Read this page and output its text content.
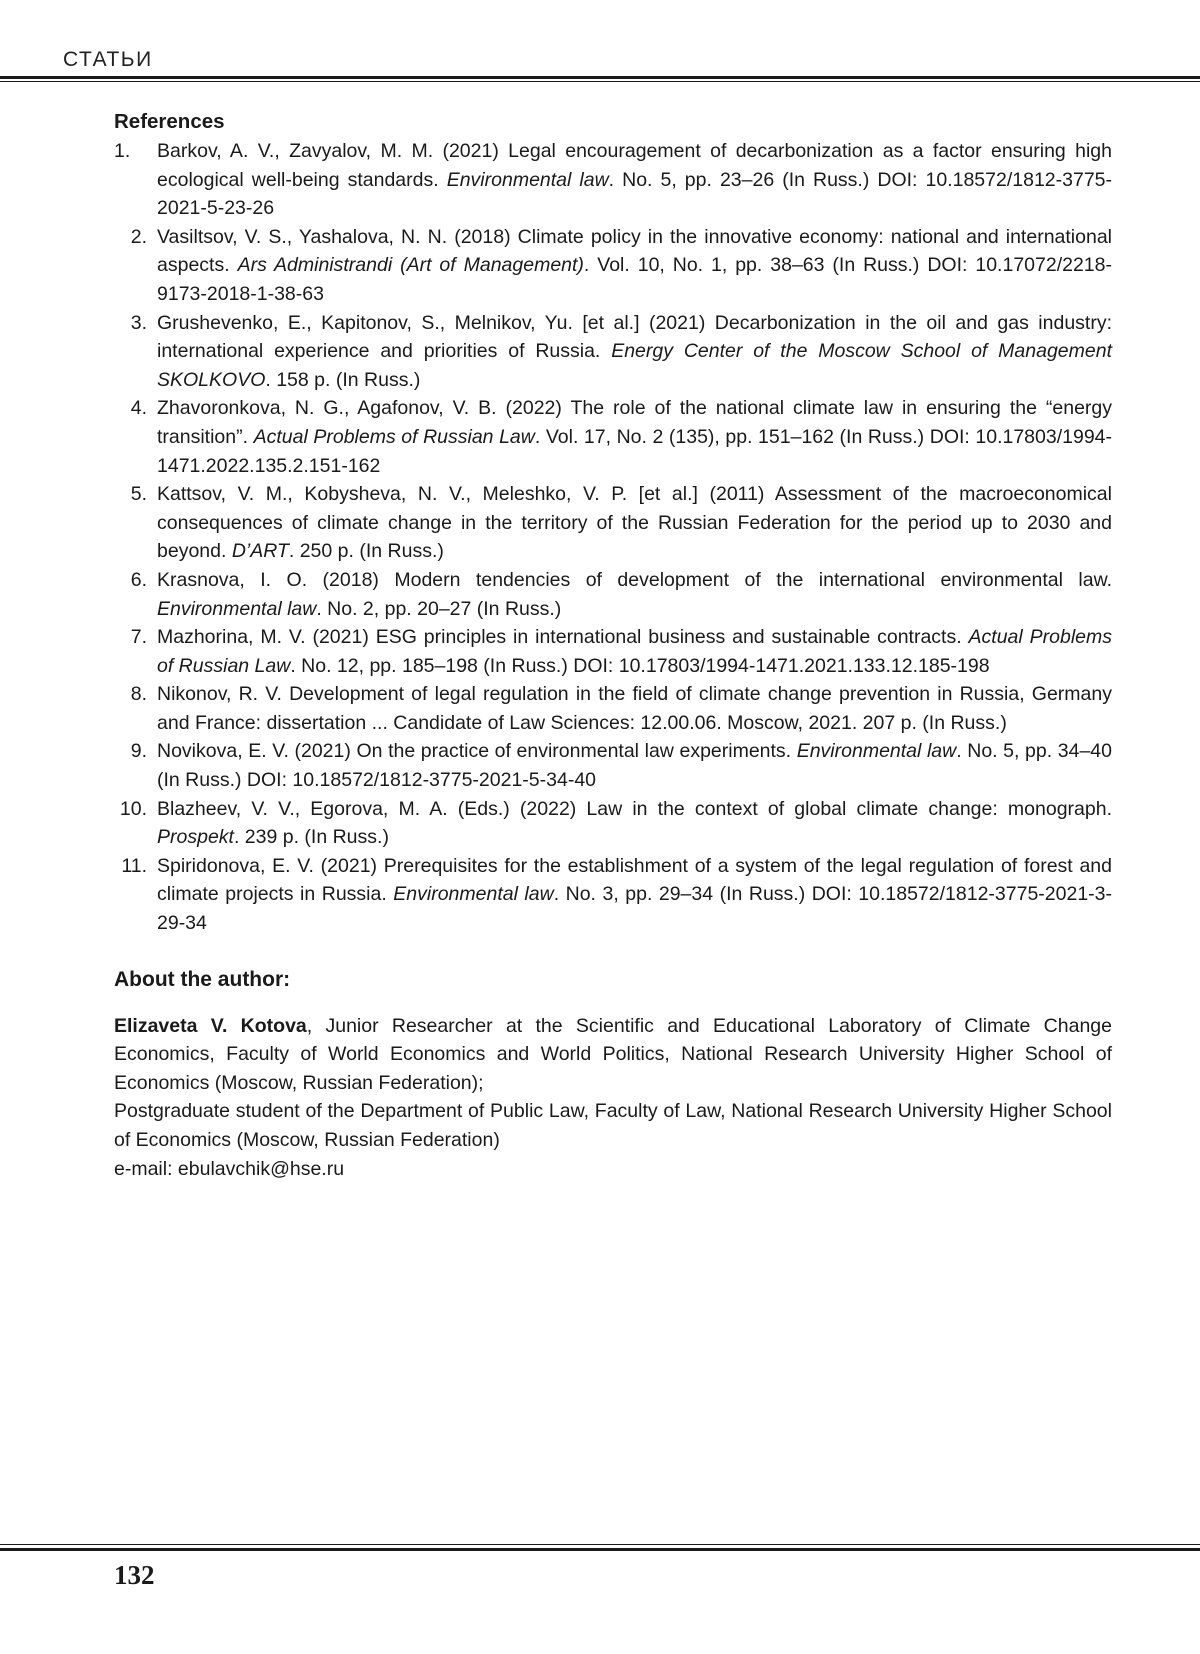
СТАТЬИ
References
1.	Barkov, A. V., Zavyalov, M. M. (2021) Legal encouragement of decarbonization as a factor ensuring high ecological well-being standards. Environmental law. No. 5, pp. 23–26 (In Russ.) DOI: 10.18572/1812-3775-2021-5-23-26
2. Vasiltsov, V. S., Yashalova, N. N. (2018) Climate policy in the innovative economy: national and international aspects. Ars Administrandi (Art of Management). Vol. 10, No. 1, pp. 38–63 (In Russ.) DOI: 10.17072/2218-9173-2018-1-38-63
3. Grushevenko, E., Kapitonov, S., Melnikov, Yu. [et al.] (2021) Decarbonization in the oil and gas industry: international experience and priorities of Russia. Energy Center of the Moscow School of Management SKOLKOVO. 158 p. (In Russ.)
4. Zhavoronkova, N. G., Agafonov, V. B. (2022) The role of the national climate law in ensuring the “energy transition”. Actual Problems of Russian Law. Vol. 17, No. 2 (135), pp. 151–162 (In Russ.) DOI: 10.17803/1994-1471.2022.135.2.151-162
5. Kattsov, V. M., Kobysheva, N. V., Meleshko, V. P. [et al.] (2011) Assessment of the macroeconomical consequences of climate change in the territory of the Russian Federation for the period up to 2030 and beyond. D’ART. 250 p. (In Russ.)
6. Krasnova, I. O. (2018) Modern tendencies of development of the international environmental law. Environmental law. No. 2, pp. 20–27 (In Russ.)
7. Mazhorina, M. V. (2021) ESG principles in international business and sustainable contracts. Actual Problems of Russian Law. No. 12, pp. 185–198 (In Russ.) DOI: 10.17803/1994-1471.2021.133.12.185-198
8. Nikonov, R. V. Development of legal regulation in the field of climate change prevention in Russia, Germany and France: dissertation ... Candidate of Law Sciences: 12.00.06. Moscow, 2021. 207 p. (In Russ.)
9. Novikova, E. V. (2021) On the practice of environmental law experiments. Environmental law. No. 5, pp. 34–40 (In Russ.) DOI: 10.18572/1812-3775-2021-5-34-40
10. Blazheev, V. V., Egorova, M. A. (Eds.) (2022) Law in the context of global climate change: monograph. Prospekt. 239 p. (In Russ.)
11. Spiridonova, E. V. (2021) Prerequisites for the establishment of a system of the legal regulation of forest and climate projects in Russia. Environmental law. No. 3, pp. 29–34 (In Russ.) DOI: 10.18572/1812-3775-2021-3-29-34
About the author:

Elizaveta V. Kotova, Junior Researcher at the Scientific and Educational Laboratory of Climate Change Economics, Faculty of World Economics and World Politics, National Research University Higher School of Economics (Moscow, Russian Federation);

Postgraduate student of the Department of Public Law, Faculty of Law, National Research University Higher School of Economics (Moscow, Russian Federation)

e-mail: ebulavchik@hse.ru

132
